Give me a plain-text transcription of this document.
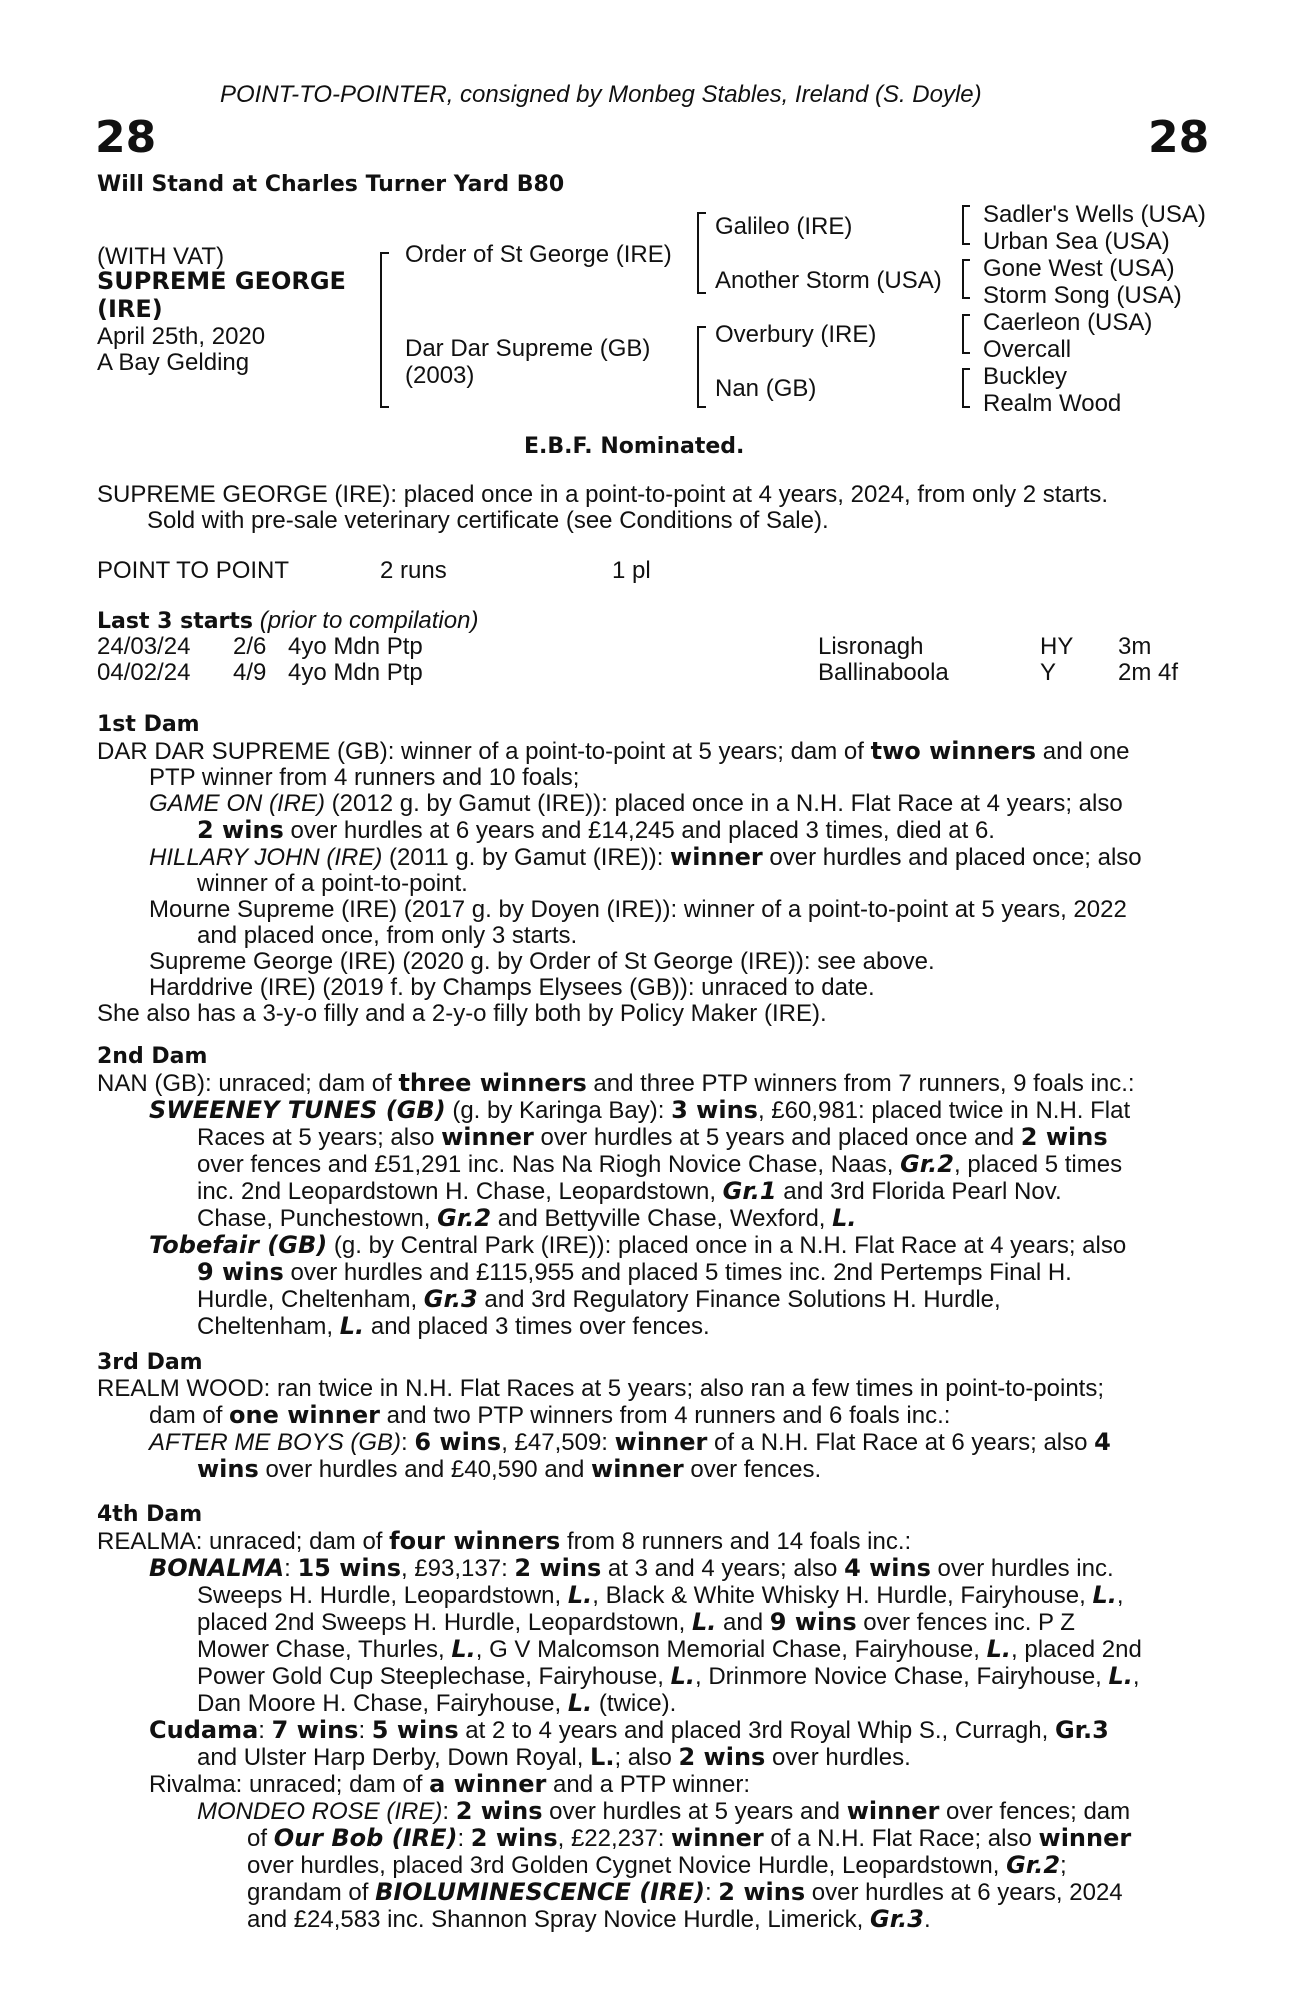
POINT-TO-POINTER, consigned by Monbeg Stables, Ireland (S. Doyle)
28	28
Will Stand at Charles Turner Yard B80
(WITH VAT)
SUPREME GEORGE
(IRE)
April 25th, 2020
A Bay Gelding
Order of St George (IRE)
Dar Dar Supreme (GB)
(2003)
Galileo (IRE)
Another Storm (USA)
Overbury (IRE)
Nan (GB)
Sadler's Wells (USA)
Urban Sea (USA)
Gone West (USA)
Storm Song (USA)
Caerleon (USA)
Overcall
Buckley
Realm Wood
E.B.F. Nominated.
SUPREME GEORGE (IRE): placed once in a point-to-point at 4 years, 2024, from only 2 starts.
Sold with pre-sale veterinary certificate (see Conditions of Sale).
POINT TO POINT	2 runs	1 pl
Last 3 starts (prior to compilation)
24/03/24 2/6 4yo Mdn Ptp	Lisronagh	HY 3m
04/02/24 4/9 4yo Mdn Ptp	Ballinaboola	Y	2m 4f

1st Dam

DAR DAR SUPREME (GB): winner of a point-to-point at 5 years; dam of two winners and one

PTP winner from 4 runners and 10 foals;

GAME ON (IRE) (2012 g. by Gamut (IRE)): placed once in a N.H. Flat Race at 4 years; also

2 wins over hurdles at 6 years and £14,245 and placed 3 times, died at 6.

HILLARY JOHN (IRE) (2011 g. by Gamut (IRE)): winner over hurdles and placed once; also

winner of a point-to-point.

Mourne Supreme (IRE) (2017 g. by Doyen (IRE)): winner of a point-to-point at 5 years, 2022

and placed once, from only 3 starts.

Supreme George (IRE) (2020 g. by Order of St George (IRE)): see above.

Harddrive (IRE) (2019 f. by Champs Elysees (GB)): unraced to date.

She also has a 3-y-o filly and a 2-y-o filly both by Policy Maker (IRE).

2nd Dam

NAN (GB): unraced; dam of three winners and three PTP winners from 7 runners, 9 foals inc.:

SWEENEY TUNES (GB) (g. by Karinga Bay): 3 wins, £60,981: placed twice in N.H. Flat

Races at 5 years; also winner over hurdles at 5 years and placed once and 2 wins

over fences and £51,291 inc. Nas Na Riogh Novice Chase, Naas, Gr.2, placed 5 times

inc. 2nd Leopardstown H. Chase, Leopardstown, Gr.1 and 3rd Florida Pearl Nov.

Chase, Punchestown, Gr.2 and Bettyville Chase, Wexford, L.

Tobefair (GB) (g. by Central Park (IRE)): placed once in a N.H. Flat Race at 4 years; also

9 wins over hurdles and £115,955 and placed 5 times inc. 2nd Pertemps Final H.

Hurdle, Cheltenham, Gr.3 and 3rd Regulatory Finance Solutions H. Hurdle,

Cheltenham, L. and placed 3 times over fences.

3rd Dam

REALM WOOD: ran twice in N.H. Flat Races at 5 years; also ran a few times in point-to-points;

dam of one winner and two PTP winners from 4 runners and 6 foals inc.:

AFTER ME BOYS (GB): 6 wins, £47,509: winner of a N.H. Flat Race at 6 years; also 4

wins over hurdles and £40,590 and winner over fences.

4th Dam

REALMA: unraced; dam of four winners from 8 runners and 14 foals inc.:

BONALMA: 15 wins, £93,137: 2 wins at 3 and 4 years; also 4 wins over hurdles inc.

Sweeps H. Hurdle, Leopardstown, L., Black & White Whisky H. Hurdle, Fairyhouse, L.,

placed 2nd Sweeps H. Hurdle, Leopardstown, L. and 9 wins over fences inc. P Z

Mower Chase, Thurles, L., G V Malcomson Memorial Chase, Fairyhouse, L., placed 2nd

Power Gold Cup Steeplechase, Fairyhouse, L., Drinmore Novice Chase, Fairyhouse, L.,

Dan Moore H. Chase, Fairyhouse, L. (twice).

Cudama: 7 wins: 5 wins at 2 to 4 years and placed 3rd Royal Whip S., Curragh, Gr.3

and Ulster Harp Derby, Down Royal, L.; also 2 wins over hurdles.

Rivalma: unraced; dam of a winner and a PTP winner:

MONDEO ROSE (IRE): 2 wins over hurdles at 5 years and winner over fences; dam

of Our Bob (IRE): 2 wins, £22,237: winner of a N.H. Flat Race; also winner

over hurdles, placed 3rd Golden Cygnet Novice Hurdle, Leopardstown, Gr.2;

grandam of BIOLUMINESCENCE (IRE): 2 wins over hurdles at 6 years, 2024

and £24,583 inc. Shannon Spray Novice Hurdle, Limerick, Gr.3.
